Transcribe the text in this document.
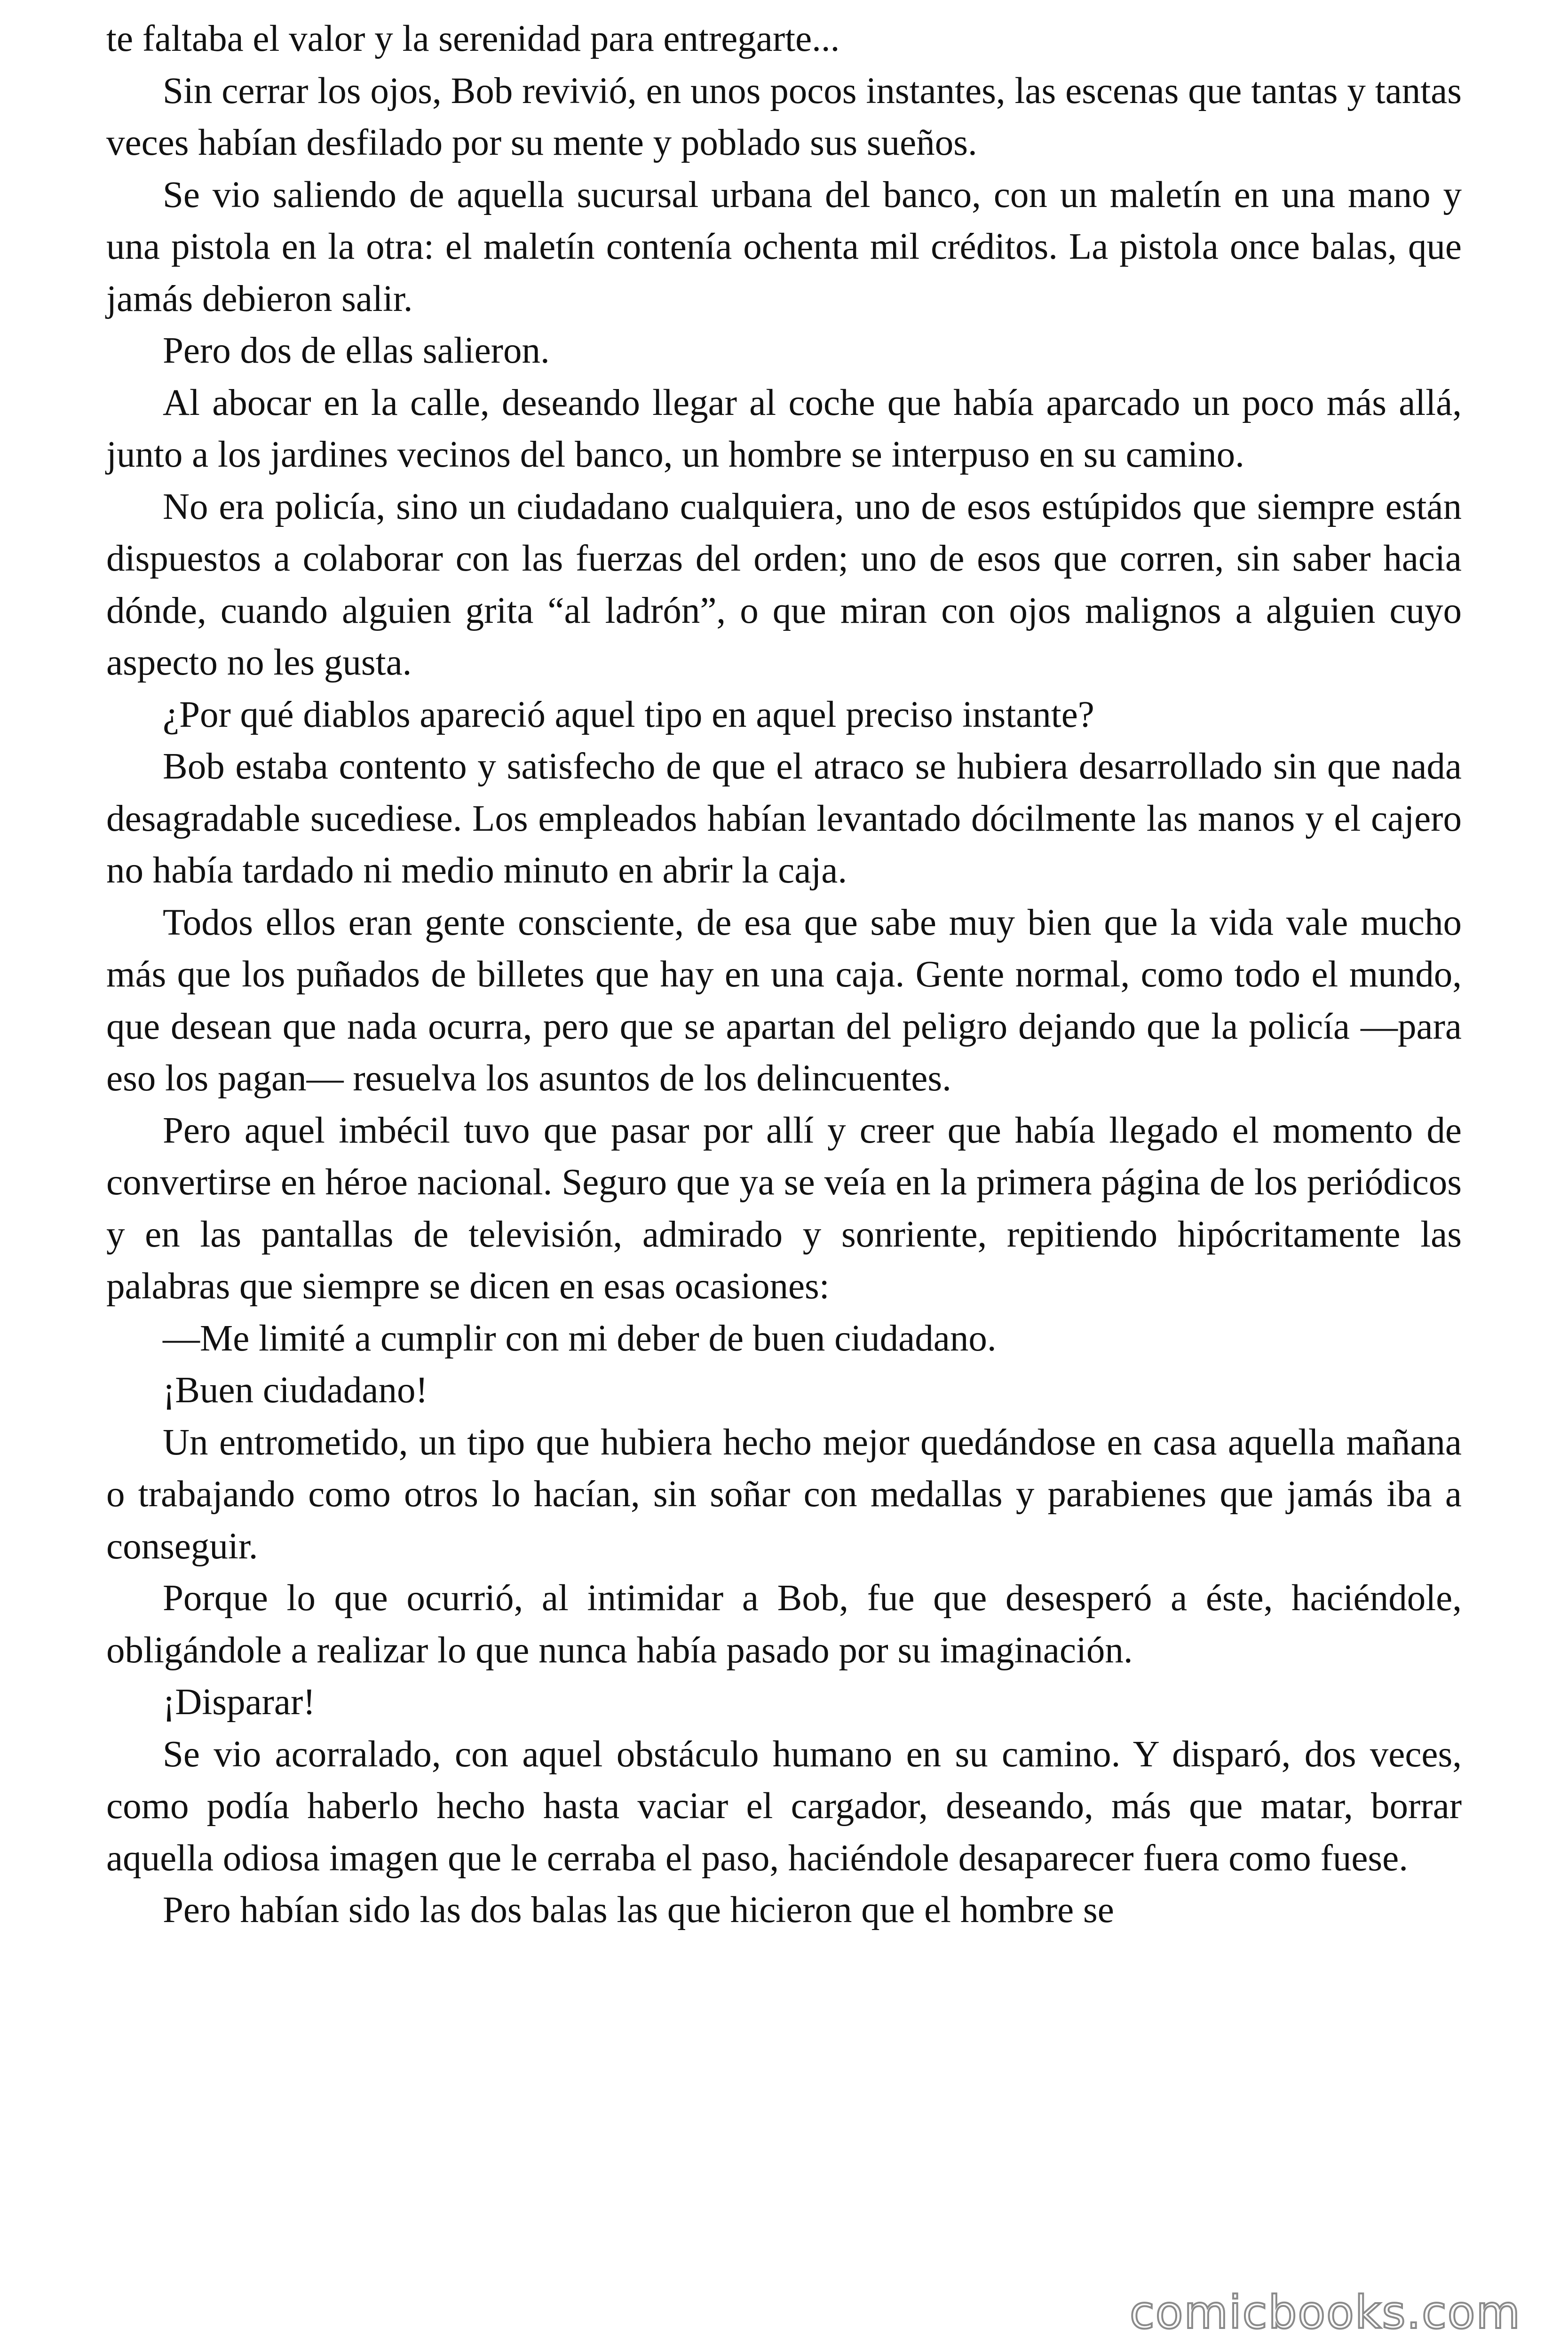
te faltaba el valor y la serenidad para entregarte...

Sin cerrar los ojos, Bob revivió, en unos pocos instantes, las escenas que tantas y tantas veces habían desfilado por su mente y poblado sus sueños.

Se vio saliendo de aquella sucursal urbana del banco, con un maletín en una mano y una pistola en la otra: el maletín contenía ochenta mil créditos. La pistola once balas, que jamás debieron salir.

Pero dos de ellas salieron.

Al abocar en la calle, deseando llegar al coche que había aparcado un poco más allá, junto a los jardines vecinos del banco, un hombre se interpuso en su camino.

No era policía, sino un ciudadano cualquiera, uno de esos estúpidos que siempre están dispuestos a colaborar con las fuerzas del orden; uno de esos que corren, sin saber hacia dónde, cuando alguien grita “al ladrón”, o que miran con ojos malignos a alguien cuyo aspecto no les gusta.

¿Por qué diablos apareció aquel tipo en aquel preciso instante?

Bob estaba contento y satisfecho de que el atraco se hubiera desarrollado sin que nada desagradable sucediese. Los empleados habían levantado dócilmente las manos y el cajero no había tardado ni medio minuto en abrir la caja.

Todos ellos eran gente consciente, de esa que sabe muy bien que la vida vale mucho más que los puñados de billetes que hay en una caja. Gente normal, como todo el mundo, que desean que nada ocurra, pero que se apartan del peligro dejando que la policía —para eso los pagan— resuelva los asuntos de los delincuentes.

Pero aquel imbécil tuvo que pasar por allí y creer que había llegado el momento de convertirse en héroe nacional. Seguro que ya se veía en la primera página de los periódicos y en las pantallas de televisión, admirado y sonriente, repitiendo hipócritamente las palabras que siempre se dicen en esas ocasiones:

—Me limité a cumplir con mi deber de buen ciudadano.

¡Buen ciudadano!

Un entrometido, un tipo que hubiera hecho mejor quedándose en casa aquella mañana o trabajando como otros lo hacían, sin soñar con medallas y parabienes que jamás iba a conseguir.

Porque lo que ocurrió, al intimidar a Bob, fue que desesperó a éste, haciéndole, obligándole a realizar lo que nunca había pasado por su imaginación.

¡Disparar!

Se vio acorralado, con aquel obstáculo humano en su camino. Y disparó, dos veces, como podía haberlo hecho hasta vaciar el cargador, deseando, más que matar, borrar aquella odiosa imagen que le cerraba el paso, haciéndole desaparecer fuera como fuese.

Pero habían sido las dos balas las que hicieron que el hombre se

comicbooks.com
